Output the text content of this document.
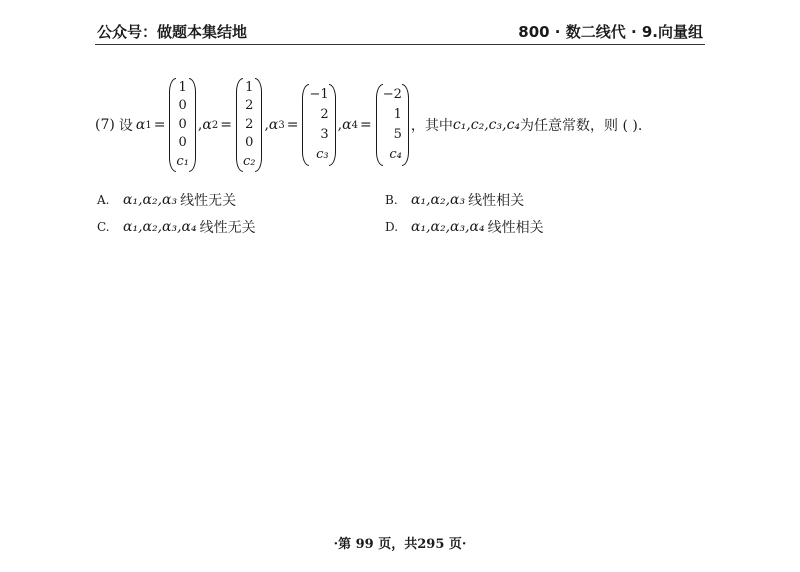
公众号：做题本集结地	800 · 数二线代 · 9.向量组
(7) 设 α 1 =
1
0
0
0
c₁
, α 2 =
1
2
2
0
c₂
, α 3 =
−1
2
3
c₃
, α 4 =
−2
1
5
c₄
，其中 c₁,c₂,c₃,c₄ 为任意常数，则 ( ).
A. α₁,α₂,α₃ 线性无关	B. α₁,α₂,α₃ 线性相关
C. α₁,α₂,α₃,α₄ 线性无关	D. α₁,α₂,α₃,α₄ 线性相关
·第 99 页，共295 页·
